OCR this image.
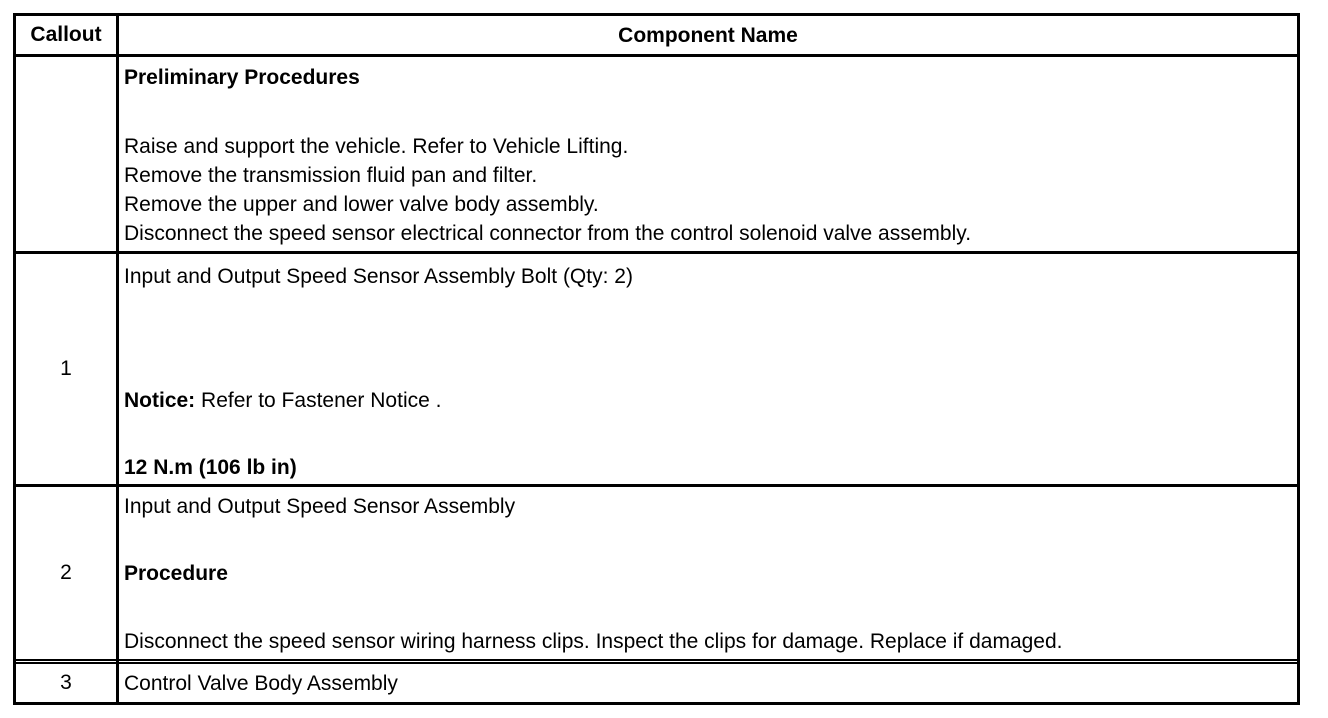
Callout	Component Name
Preliminary Procedures
Raise and support the vehicle. Refer to Vehicle Lifting.
Remove the transmission fluid pan and filter.
Remove the upper and lower valve body assembly.
Disconnect the speed sensor electrical connector from the control solenoid valve assembly.
1
Input and Output Speed Sensor Assembly Bolt (Qty: 2)
Notice: Refer to Fastener Notice .
12 N.m (106 lb in)
2
Input and Output Speed Sensor Assembly
Procedure
Disconnect the speed sensor wiring harness clips. Inspect the clips for damage. Replace if damaged.
3	Control Valve Body Assembly
